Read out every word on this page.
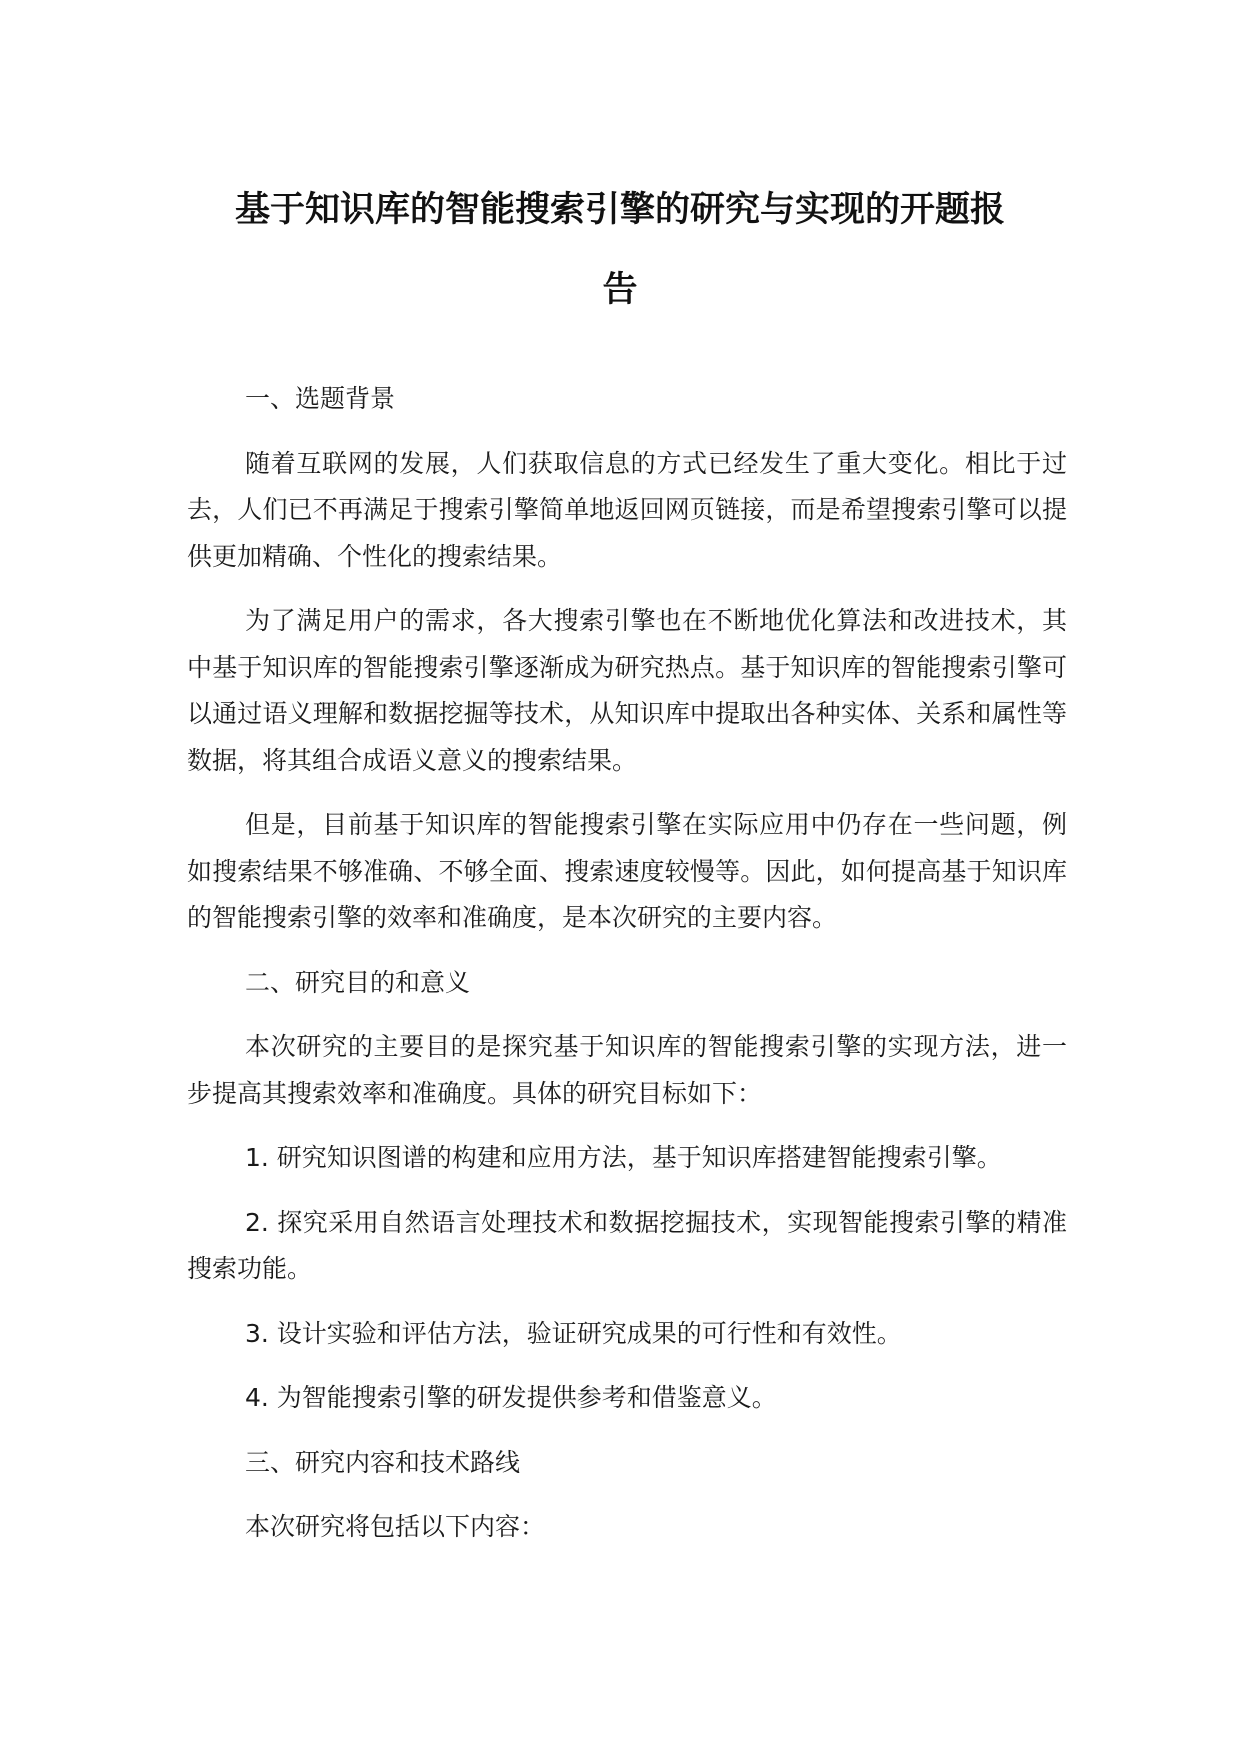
基于知识库的智能搜索引擎的研究与实现的开题报
告
一、选题背景
随着互联网的发展，人们获取信息的方式已经发生了重大变化。相比于过去，人们已不再满足于搜索引擎简单地返回网页链接，而是希望搜索引擎可以提供更加精确、个性化的搜索结果。
为了满足用户的需求，各大搜索引擎也在不断地优化算法和改进技术，其中基于知识库的智能搜索引擎逐渐成为研究热点。基于知识库的智能搜索引擎可以通过语义理解和数据挖掘等技术，从知识库中提取出各种实体、关系和属性等数据，将其组合成语义意义的搜索结果。
但是，目前基于知识库的智能搜索引擎在实际应用中仍存在一些问题，例如搜索结果不够准确、不够全面、搜索速度较慢等。因此，如何提高基于知识库的智能搜索引擎的效率和准确度，是本次研究的主要内容。
二、研究目的和意义
本次研究的主要目的是探究基于知识库的智能搜索引擎的实现方法，进一步提高其搜索效率和准确度。具体的研究目标如下：
1. 研究知识图谱的构建和应用方法，基于知识库搭建智能搜索引擎。
2. 探究采用自然语言处理技术和数据挖掘技术，实现智能搜索引擎的精准搜索功能。
3. 设计实验和评估方法，验证研究成果的可行性和有效性。
4. 为智能搜索引擎的研发提供参考和借鉴意义。
三、研究内容和技术路线
本次研究将包括以下内容：
